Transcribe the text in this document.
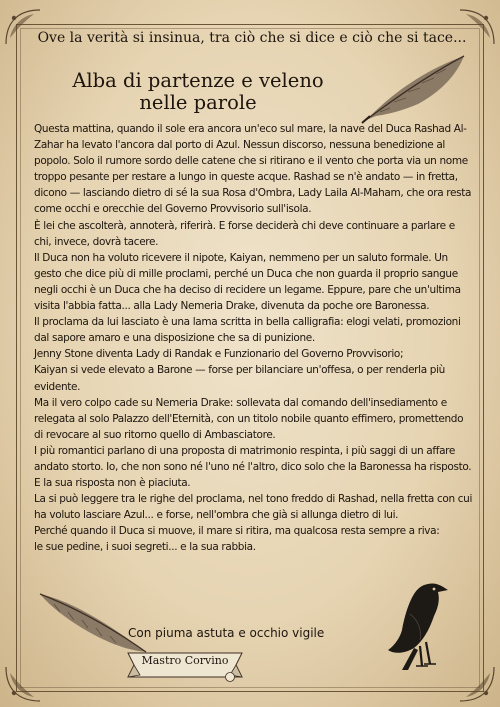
Ove la verità si insinua, tra ciò che si dice e ciò che si tace...
Alba di partenze e veleno nelle parole

Questa mattina, quando il sole era ancora un'eco sul mare, la nave del Duca Rashad Al-Zahar ha levato l'ancora dal porto di Azul. Nessun discorso, nessuna benedizione al popolo. Solo il rumore sordo delle catene che si ritirano e il vento che porta via un nome troppo pesante per restare a lungo in queste acque. Rashad se n'è andato — in fretta, dicono — lasciando dietro di sé la sua Rosa d'Ombra, Lady Laila Al-Maham, che ora resta come occhi e orecchie del Governo Provvisorio sull'isola.

È lei che ascolterà, annoterà, riferirà. E forse deciderà chi deve continuare a parlare e chi, invece, dovrà tacere.

Il Duca non ha voluto ricevere il nipote, Kaiyan, nemmeno per un saluto formale. Un gesto che dice più di mille proclami, perché un Duca che non guarda il proprio sangue negli occhi è un Duca che ha deciso di recidere un legame. Eppure, pare che un'ultima visita l'abbia fatta... alla Lady Nemeria Drake, divenuta da poche ore Baronessa.

Il proclama da lui lasciato è una lama scritta in bella calligrafia: elogi velati, promozioni dal sapore amaro e una disposizione che sa di punizione.

Jenny Stone diventa Lady di Randak e Funzionario del Governo Provvisorio;

Kaiyan si vede elevato a Barone — forse per bilanciare un'offesa, o per renderla più evidente.

Ma il vero colpo cade su Nemeria Drake: sollevata dal comando dell'insediamento e relegata al solo Palazzo dell'Eternità, con un titolo nobile quanto effimero, promettendo di revocare al suo ritorno quello di Ambasciatore.

I più romantici parlano di una proposta di matrimonio respinta, i più saggi di un affare andato storto. Io, che non sono né l'uno né l'altro, dico solo che la Baronessa ha risposto. E la sua risposta non è piaciuta.

La si può leggere tra le righe del proclama, nel tono freddo di Rashad, nella fretta con cui ha voluto lasciare Azul... e forse, nell'ombra che già si allunga dietro di lui.

Perché quando il Duca si muove, il mare si ritira, ma qualcosa resta sempre a riva:

le sue pedine, i suoi segreti... e la sua rabbia.

Con piuma astuta e occhio vigile
Mastro Corvino
